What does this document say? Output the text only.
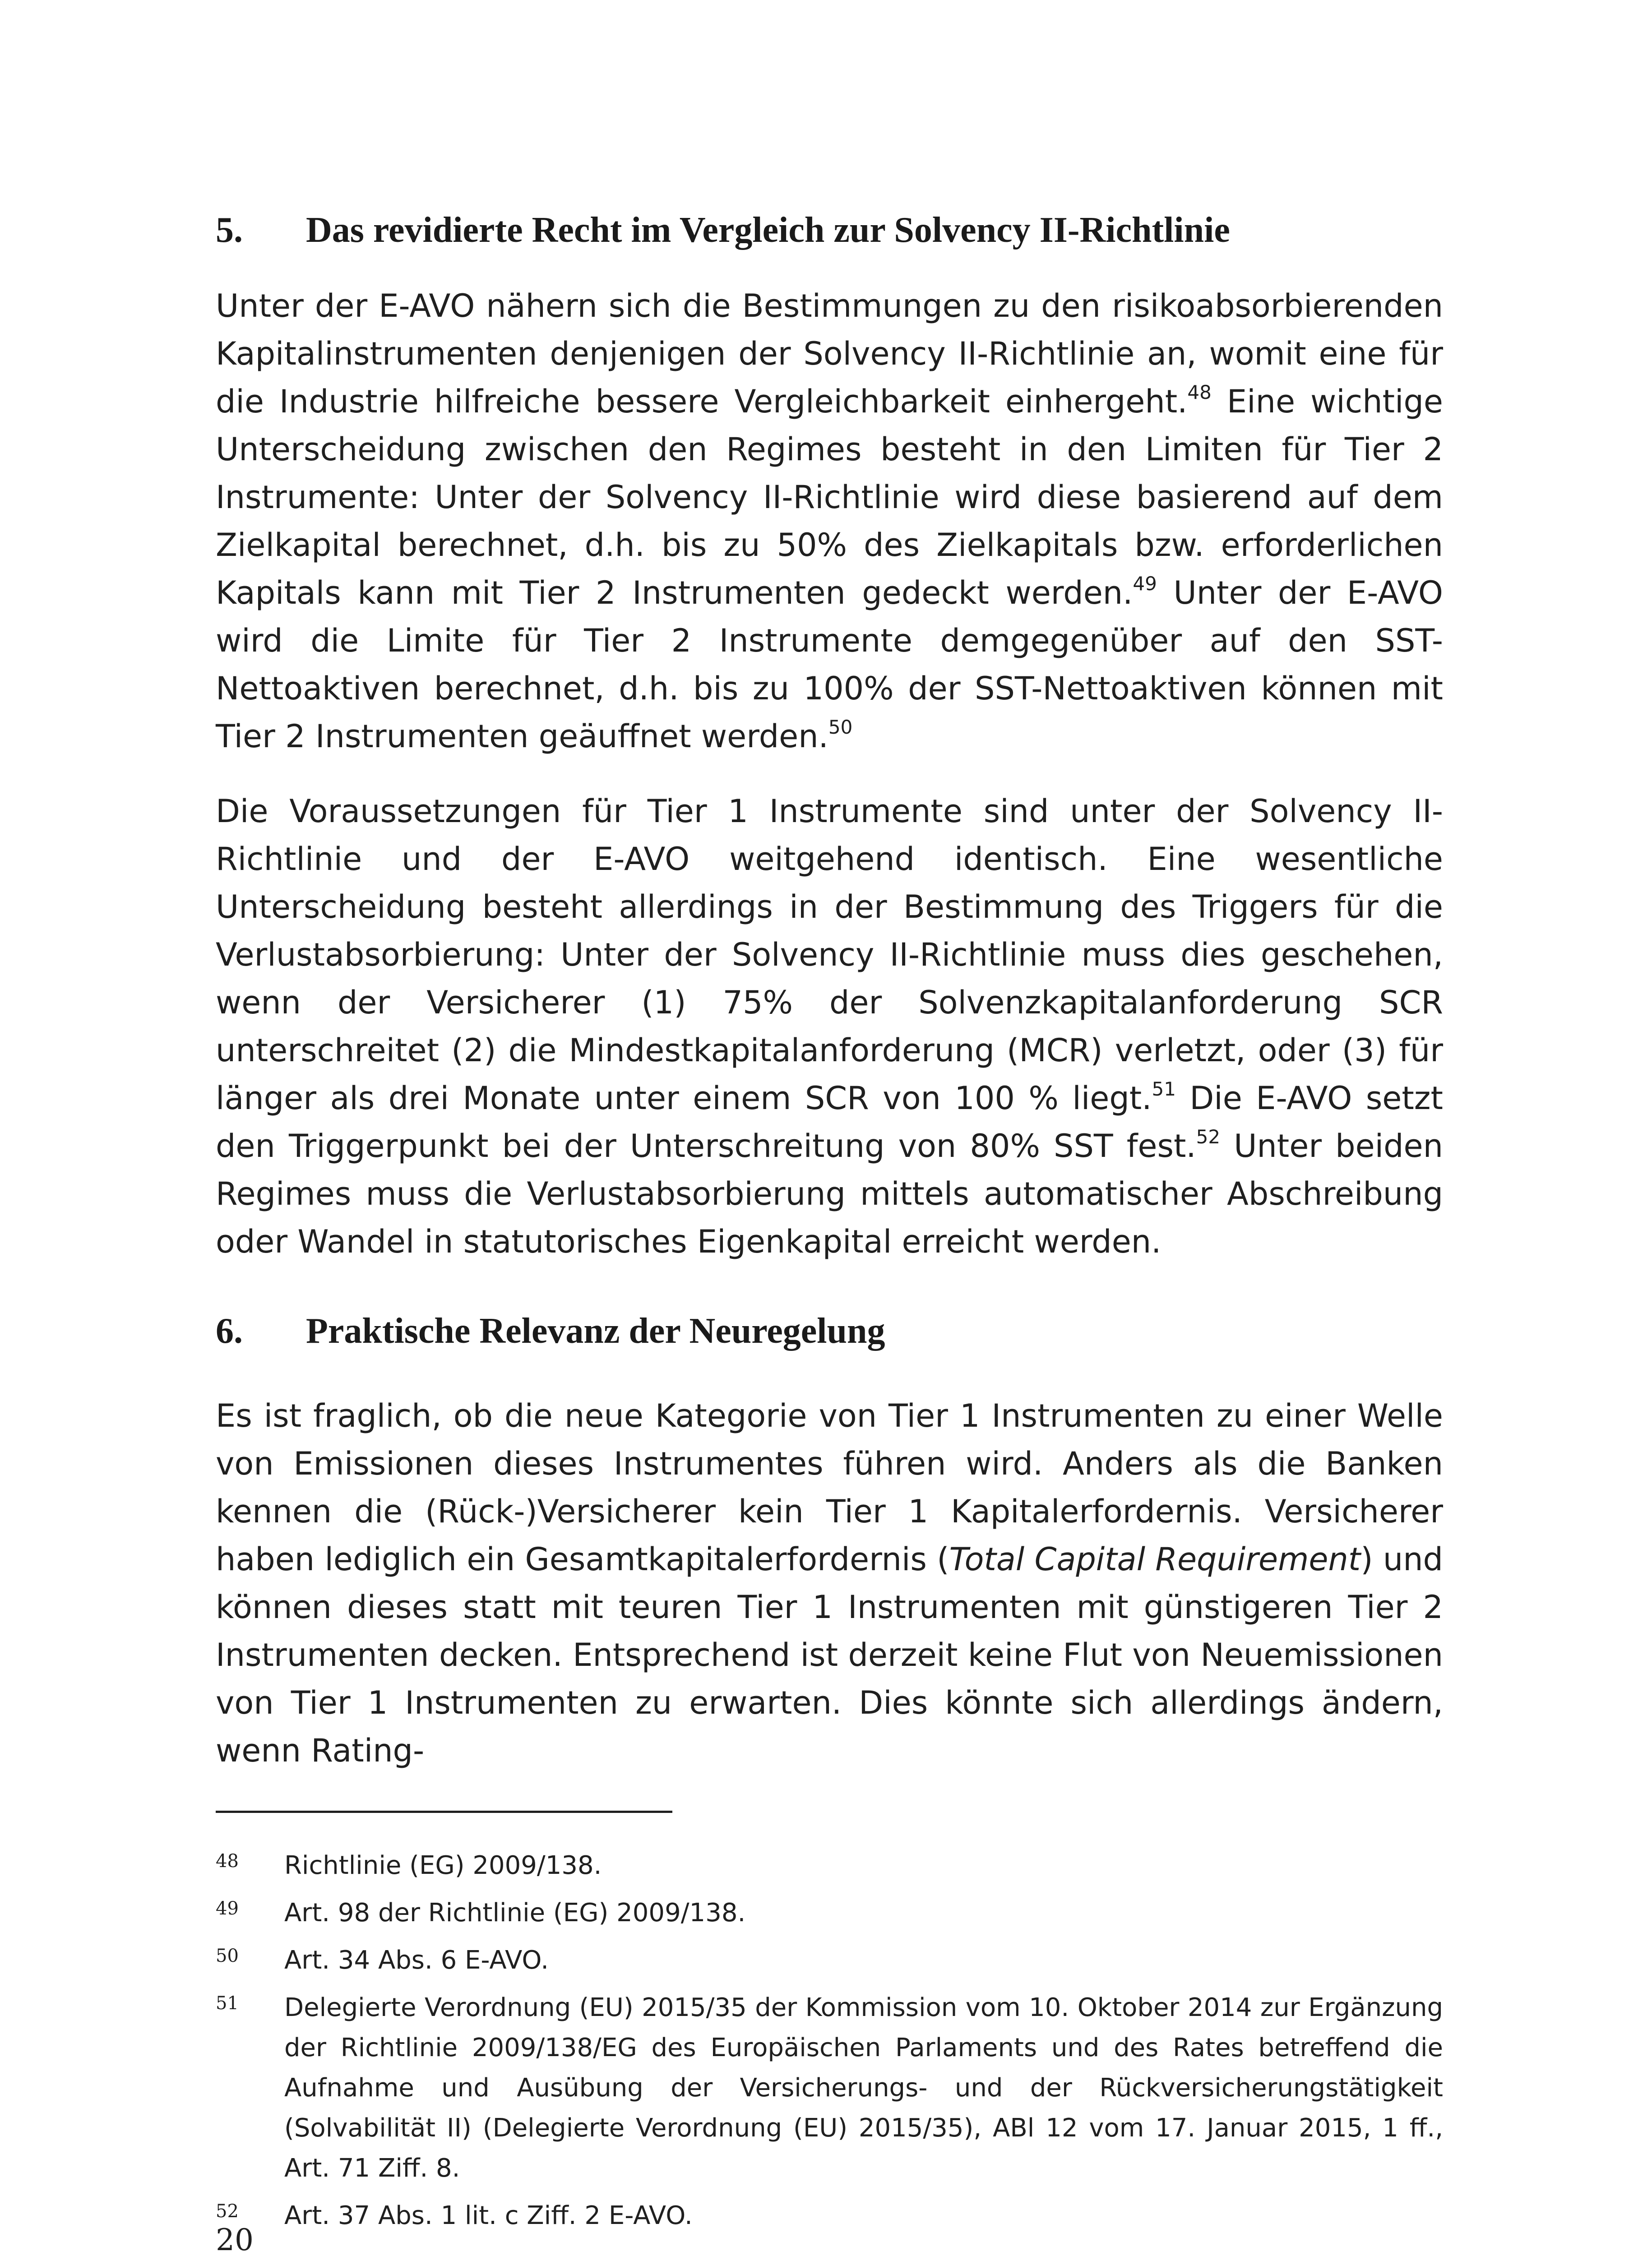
5.	Das revidierte Recht im Vergleich zur Solvency II-Richtlinie

Unter der E-AVO nähern sich die Bestimmungen zu den risikoabsorbierenden Kapitalinstrumenten denjenigen der Solvency II-Richtlinie an, womit eine für die Industrie hilfreiche bessere Vergleichbarkeit einhergeht.$^{48}$ Eine wichtige Unterscheidung zwischen den Regimes besteht in den Limiten für Tier 2 Instrumente: Unter der Solvency II-Richtlinie wird diese basierend auf dem Zielkapital berechnet, d.h. bis zu 50% des Zielkapitals bzw. erforderlichen Kapitals kann mit Tier 2 Instrumenten gedeckt werden.$^{49}$ Unter der E-AVO wird die Limite für Tier 2 Instrumente demgegenüber auf den SST-Nettoaktiven berechnet, d.h. bis zu 100% der SST-Nettoaktiven können mit Tier 2 Instrumenten geäuffnet werden.$^{50}$

Die Voraussetzungen für Tier 1 Instrumente sind unter der Solvency II-Richtlinie und der E-AVO weitgehend identisch. Eine wesentliche Unterscheidung besteht allerdings in der Bestimmung des Triggers für die Verlustabsorbierung: Unter der Solvency II-Richtlinie muss dies geschehen, wenn der Versicherer (1) 75% der Solvenzkapitalanforderung SCR unterschreitet (2) die Mindestkapitalanforderung (MCR) verletzt, oder (3) für länger als drei Monate unter einem SCR von 100 % liegt.$^{51}$ Die E-AVO setzt den Triggerpunkt bei der Unterschreitung von 80% SST fest.$^{52}$ Unter beiden Regimes muss die Verlustabsorbierung mittels automatischer Abschreibung oder Wandel in statutorisches Eigenkapital erreicht werden.

6.	Praktische Relevanz der Neuregelung

Es ist fraglich, ob die neue Kategorie von Tier 1 Instrumenten zu einer Welle von Emissionen dieses Instrumentes führen wird. Anders als die Banken kennen die (Rück-)Versicherer kein Tier 1 Kapitalerfordernis. Versicherer haben lediglich ein Gesamtkapitalerfordernis (Total Capital Requirement) und können dieses statt mit teuren Tier 1 Instrumenten mit günstigeren Tier 2 Instrumenten decken. Entsprechend ist derzeit keine Flut von Neuemissionen von Tier 1 Instrumenten zu erwarten. Dies könnte sich allerdings ändern, wenn Rating-

48	Richtlinie (EG) 2009/138.
49	Art. 98 der Richtlinie (EG) 2009/138.
50	Art. 34 Abs. 6 E-AVO.
51	Delegierte Verordnung (EU) 2015/35 der Kommission vom 10. Oktober 2014 zur Ergänzung der Richtlinie 2009/138/EG des Europäischen Parlaments und des Rates betreffend die Aufnahme und Ausübung der Versicherungs- und der Rückversicherungstätigkeit (Solvabilität II) (Delegierte Verordnung (EU) 2015/35), ABl 12 vom 17. Januar 2015, 1 ff., Art. 71 Ziff. 8.
52	Art. 37 Abs. 1 lit. c Ziff. 2 E-AVO.
20
